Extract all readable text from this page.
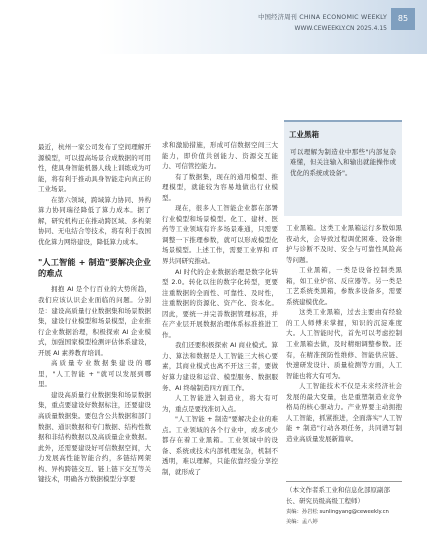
中国经济周刊 CHINA ECONOMIC WEEKLY
WWW.CEWEEKLY.CN 2025.4.15
85

最近，杭州一家公司发布了空间理解开源模型，可以提高场景合成数据的可用性，使具身智能机器人线上训练成为可能，将有利于推动具身智能走向真正的工业场景。

在第六领域，跨域算力协同、异构算力协同瑞径降低了算力成本。据了解，研究机构正在推动跨区域、多构架协同、无电结合等技术，将有利于我国优化算力网络建设，降低算力成本。

"人工智能 + 制造"要解决企业的难点

拥抱 AI 是个行百业的大势所趋，我们应该认识企业面临的问题。分别是：建设高质量行业数据集和场景数据集，建设行业模型和场景模型，企业推行企业数据治理，积极探索 AI 企业模式，加强国家模型检测评估体系建设，开展 AI 素养教育培训。

高质量专业数据集建设的哪里，"人工智能 + "就可以发展到哪里。

建设高质量行业数据集和场景数据集，重点要建设好数据标注，还要建设高质量数据集。要包含公共数据和部门数据、通识数据和专门数据、结构性数据和非结构数据以及高质量企业数据。此外，还需要建设好可信数据空间，大力发展高性能智能合约，多链结网架构、异构跨链交互、链上链下交互等关键技术，明确各方数据模型分享要

求和激励措施，形成可信数据空间三大能力，即价值共创能力、资源交互能力、可信管控能力。

有了数据集，现在的通用模型、推理模型，就能较为容易地做出行业模型。

现在，很多人工智能企业都在部署行业模型和场景模型。化工、建材、医药等工业领域有许多场景难通，只需要调整一下推理参数，就可以形成模型化场景模型。上述工作，需要工业界和 IT 界共同研究推动。

AI 时代的企业数据治理是数字化转型 2.0。转化以往的数字化转型，更要注重数据的全面性、可靠性、及时性，注重数据的资源化、资产化、资本化。因此，要统一并完善数据管理标准，并在产业层开展数据治理体系标准推进工作。

我们还要积极探索 AI 商业模式。算力、算法和数据是人工智能三大核心要素，其商业模式也离不开这三者，要做好算力建设和运营、模型服务、数据服务、AI 终端制造四方面工作。

人工智能进入制造业，将大有可为，重点是要找准切入点。

"人工智能 + 制造"要解决企业的难点。工业领域的各个行业中，或多或少都存在着工业黑箱。工业领域中的设备、系统或技术内部机理复杂，机制不透明，难以理解，只能依靠经验分享控制，就形成了

工业黑箱
可以理解为制造业中那些"内部复杂难懂，但关注输入和输出就能操作或优化的系统或设备"。

工业黑箱。这类工业黑箱运行多数如黑夜动火，会导致过程调优困难、设备维护与诊断不及时、安全与可靠性风险高等问题。

工业黑箱，一类是设备控制类黑箱，如工业炉窑、反应器等。另一类是工艺系统类黑箱，参数多设备多，需要系统建模优化。

这类工业黑箱，过去主要由有经验的工人师傅来掌握，知识的沉淀难度大。人工智能时代，首先可以考虑控制工业黑箱去做，及时精细调整参数。还有，在精准预防性维修、智能供应链、快速研发设计、质量检测等方面，人工智能也将大有可为。

人工智能技术不仅是未来经济社会发展的最大变量，也是重塑制造业竞争格局的核心驱动力。产业界要主动拥抱人工智能，抓紧推进，全面落实"人工智能 + 制造"行动各项任务，共同谱写制造业高质量发展新篇章。

（本文作者系工业和信息化部原副部长、研究员级高级工程师）
责编：孙岩松 sunlingyang@ceweekly.cn
美编：孟八婷
